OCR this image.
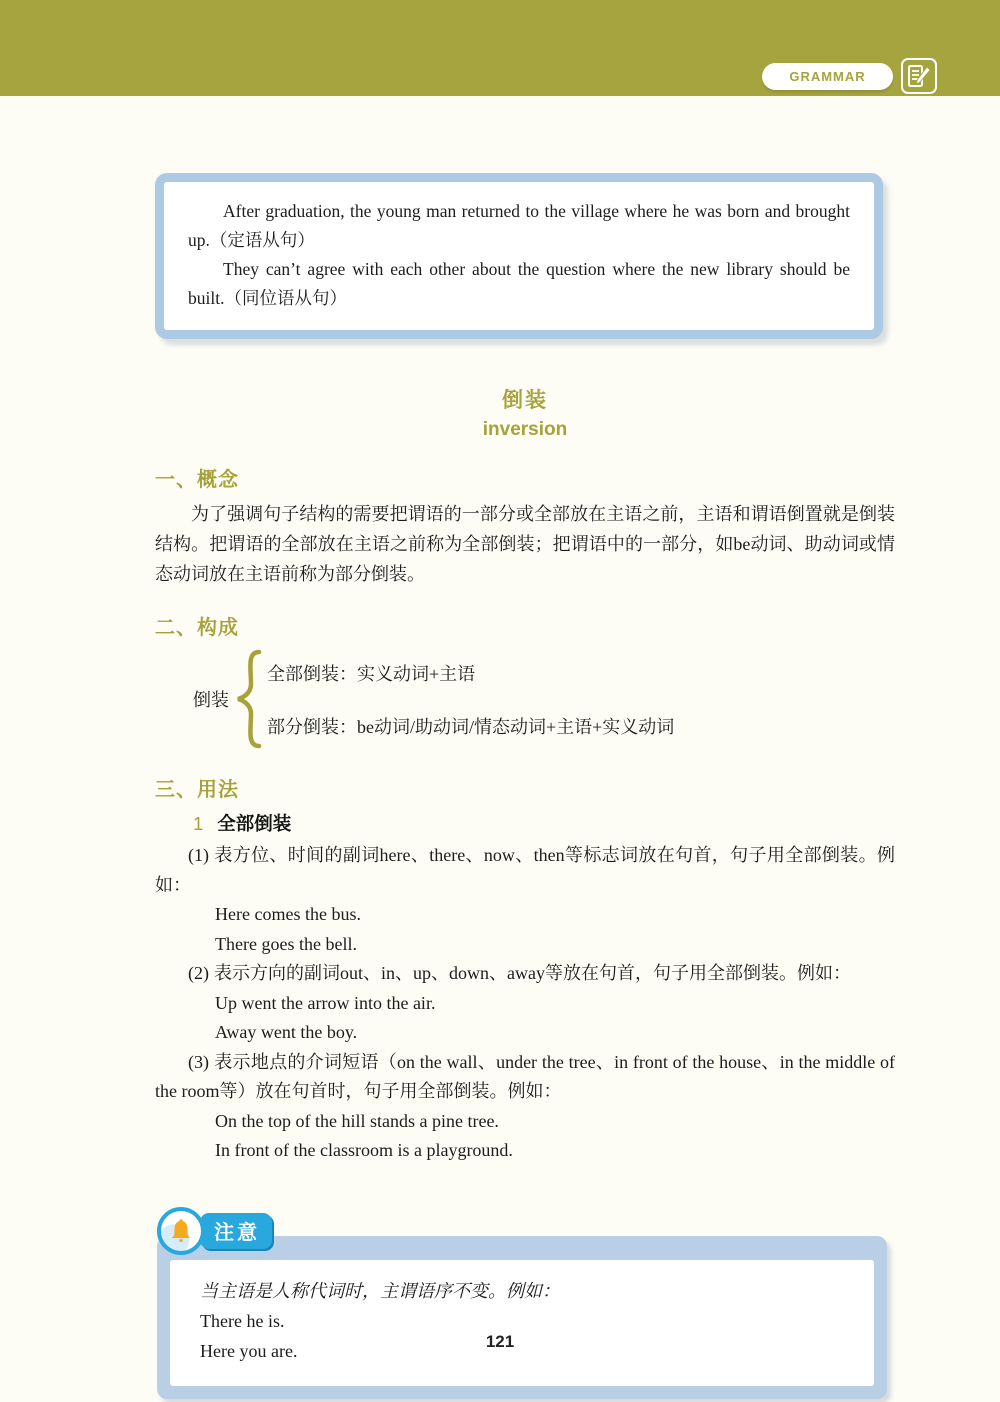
GRAMMAR

After graduation, the young man returned to the village where he was born and brought up.（定语从句）

They can’t agree with each other about the question where the new library should be built.（同位语从句）

倒装
inversion
一、概念

为了强调句子结构的需要把谓语的一部分或全部放在主语之前，主语和谓语倒置就是倒装结构。把谓语的全部放在主语之前称为全部倒装；把谓语中的一部分，如be动词、助动词或情态动词放在主语前称为部分倒装。

二、构成
倒装
全部倒装：实义动词+主语
部分倒装：be动词/助动词/情态动词+主语+实义动词
三、用法
1 全部倒装

(1) 表方位、时间的副词here、there、now、then等标志词放在句首，句子用全部倒装。例如：

Here comes the bus.

There goes the bell.

(2) 表示方向的副词out、in、up、down、away等放在句首，句子用全部倒装。例如：

Up went the arrow into the air.

Away went the boy.

(3) 表示地点的介词短语（on the wall、under the tree、in front of the house、in the middle of the room等）放在句首时，句子用全部倒装。例如：

On the top of the hill stands a pine tree.

In front of the classroom is a playground.

注意

当主语是人称代词时，主谓语序不变。例如：

There he is.

Here you are.	121
